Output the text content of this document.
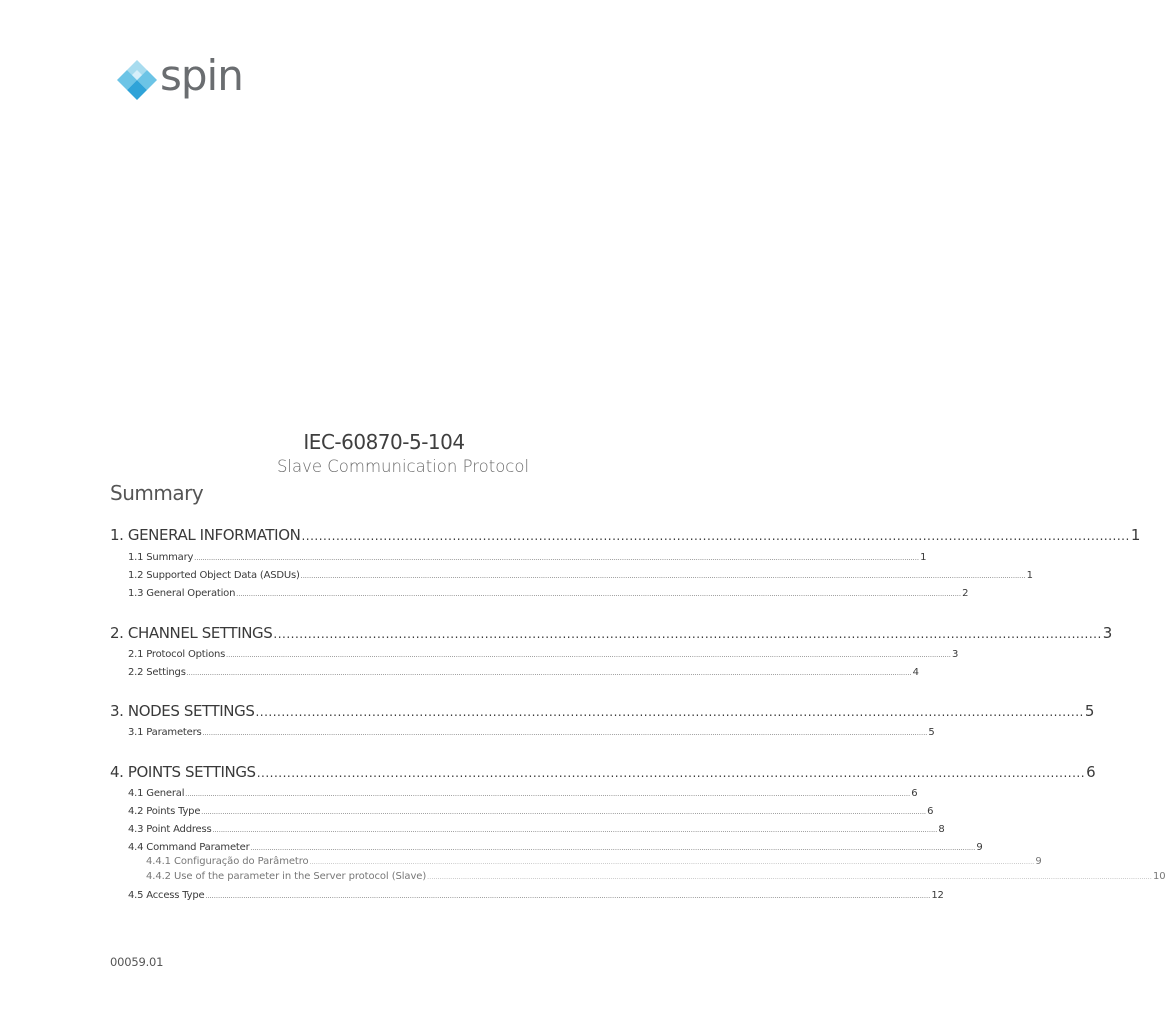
spin
IEC-60870-5-104
Slave Communication Protocol
Summary
1. GENERAL INFORMATION ................................................................................................................................................................................................ 1
1.1 Summary ........................................................................................................................................................................................................................................................................................................................................................ 1
1.2 Supported Object Data (ASDUs) ........................................................................................................................................................................................................................................................................................................................................................ 1
1.3 General Operation ........................................................................................................................................................................................................................................................................................................................................................ 2
2. CHANNEL SETTINGS ................................................................................................................................................................................................ 3
2.1 Protocol Options ........................................................................................................................................................................................................................................................................................................................................................ 3
2.2 Settings ........................................................................................................................................................................................................................................................................................................................................................ 4
3. NODES SETTINGS ................................................................................................................................................................................................ 5
3.1 Parameters ........................................................................................................................................................................................................................................................................................................................................................ 5
4. POINTS SETTINGS ................................................................................................................................................................................................ 6
4.1 General ........................................................................................................................................................................................................................................................................................................................................................ 6
4.2 Points Type ........................................................................................................................................................................................................................................................................................................................................................ 6
4.3 Point Address ........................................................................................................................................................................................................................................................................................................................................................ 8
4.4 Command Parameter ........................................................................................................................................................................................................................................................................................................................................................ 9
4.4.1 Configuração do Parâmetro ........................................................................................................................................................................................................................................................................................................................................................ 9
4.4.2 Use of the parameter in the Server protocol (Slave) ........................................................................................................................................................................................................................................................................................................................................................ 10
4.5 Access Type ........................................................................................................................................................................................................................................................................................................................................................ 12
00059.01
